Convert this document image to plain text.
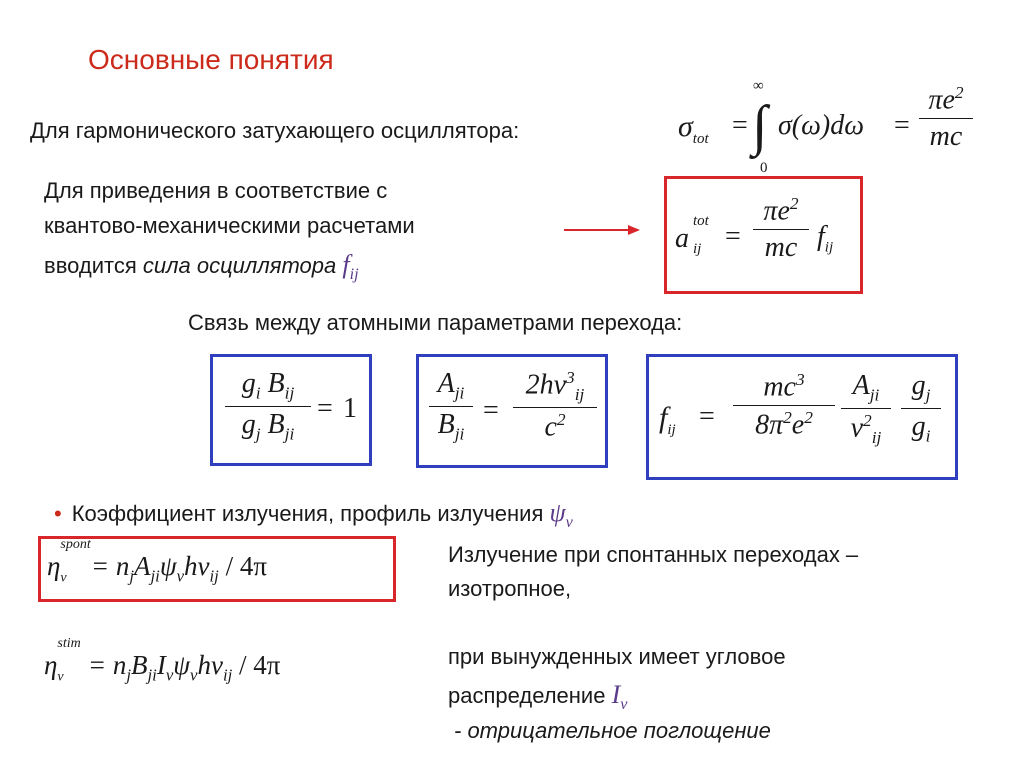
Основные понятия
Для гармонического затухающего осциллятора:	$\sigma_{tot}$ =
∞
∫
0
σ(ω)dω =
$\pi e^2$
mc
Для приведения в соответствие с
квантово-механическими расчетами
вводится сила осциллятора $f_{ij}$
a
tot
ij =
$\pi e^2$
mc $f_{ij}$
Связь между атомными параметрами перехода:
$g_i$ $B_{ij}$
$g_j$ $B_{ji}$
= 1
$A_{ji}$
$B_{ji}$
=
$2h\nu^3_{ij}$
$c^2$	$f_{ij}$ =
$mc^3$
$8\pi^2e^2$
$A_{ji}$
$\nu^2_{ij}$
$g_j$
$g_i$
• Коэффициент излучения, профиль излучения $\psi_\nu$
η
spont
$_\nu = n_jA_{ji}\psi_\nu h\nu_{ij} / 4\pi$	Излучение при спонтанных переходах –
изотропное,
η
stim
$_\nu = n_jB_{ji}I_\nu\psi_\nu h\nu_{ij} / 4\pi$	при вынужденных имеет угловое
распределение $I_\nu$
- отрицательное поглощение
